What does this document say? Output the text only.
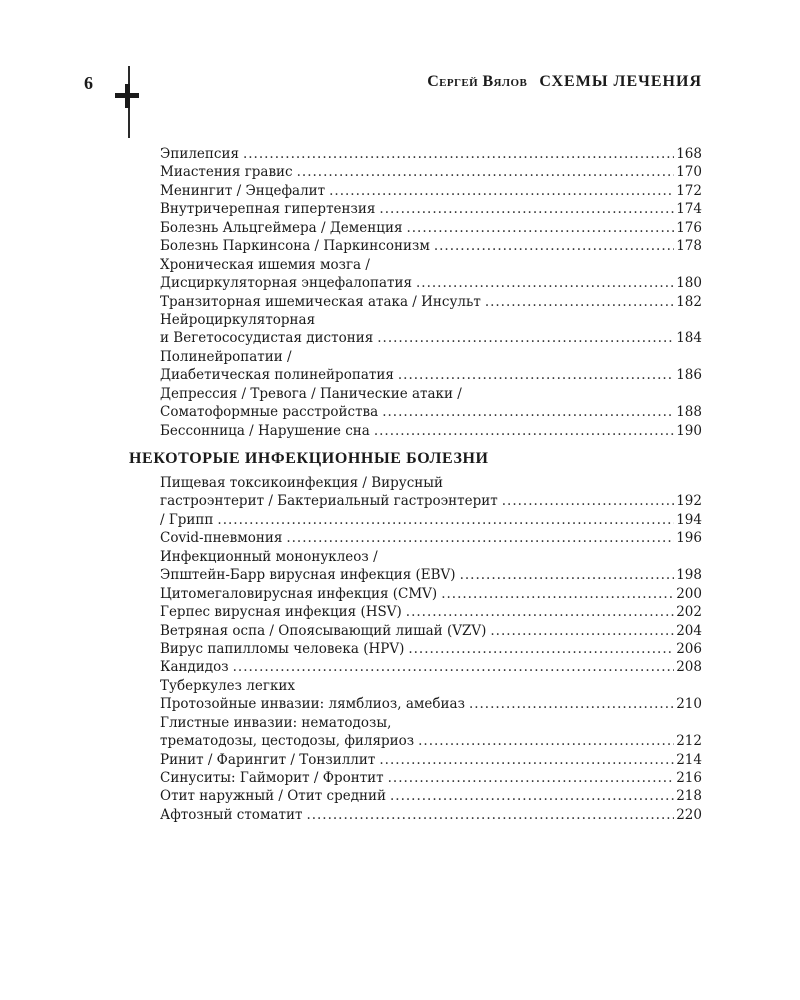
6	Сергей Вялов СХЕМЫ ЛЕЧЕНИЯ
Эпилепсия .....	168
Миастения гравис .....	170
Менингит / Энцефалит .....	172
Внутричерепная гипертензия .....	174
Болезнь Альцгеймера / Деменция .....	176
Болезнь Паркинсона / Паркинсонизм .....	178
Хроническая ишемия мозга /
Дисциркуляторная энцефалопатия .....	180
Транзиторная ишемическая атака / Инсульт .....	182
Нейроциркуляторная
и Вегетососудистая дистония .....	184
Полинейропатии /
Диабетическая полинейропатия .....	186
Депрессия / Тревога / Панические атаки /
Соматоформные расстройства .....	188
Бессонница / Нарушение сна .....	190
НЕКОТОРЫЕ ИНФЕКЦИОННЫЕ БОЛЕЗНИ
Пищевая токсикоинфекция / Вирусный
гастроэнтерит / Бактериальный гастроэнтерит .....	192
/ Грипп .....	194
Covid-пневмония .....	196
Инфекционный мононуклеоз /
Эпштейн-Барр вирусная инфекция (EBV) .....	198
Цитомегаловирусная инфекция (CMV) .....	200
Герпес вирусная инфекция (HSV) .....	202
Ветряная оспа / Опоясывающий лишай (VZV) .....	204
Вирус папилломы человека (HPV) .....	206
Кандидоз .....	208
Туберкулез легких
Протозойные инвазии: лямблиоз, амебиаз .....	210
Глистные инвазии: нематодозы,
трематодозы, цестодозы, филяриоз .....	212
Ринит / Фарингит / Тонзиллит .....	214
Синуситы: Гайморит / Фронтит .....	216
Отит наружный / Отит средний .....	218
Афтозный стоматит .....	220
